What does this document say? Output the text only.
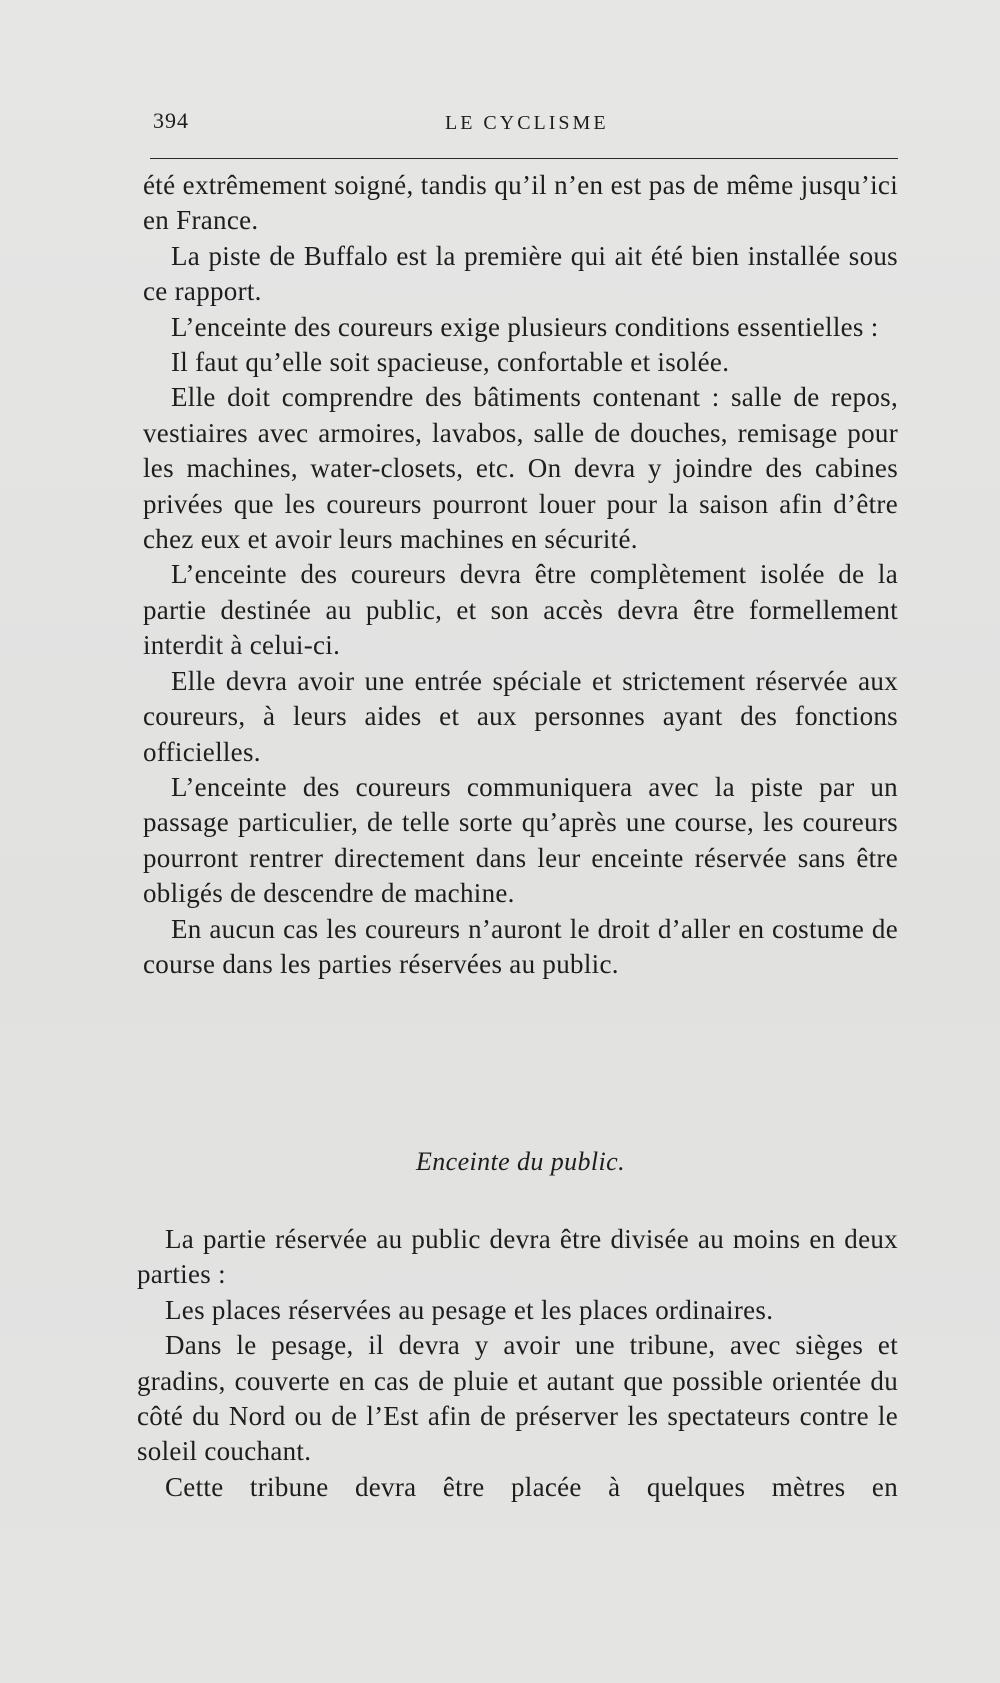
394	LE CYCLISME

été extrêmement soigné, tandis qu’il n’en est pas de même jusqu’ici en France.

La piste de Buffalo est la première qui ait été bien installée sous ce rapport.

L’enceinte des coureurs exige plusieurs conditions essentielles :

Il faut qu’elle soit spacieuse, confortable et isolée.

Elle doit comprendre des bâtiments contenant : salle de repos, vestiaires avec armoires, lavabos, salle de douches, remisage pour les machines, water-closets, etc. On devra y joindre des cabines privées que les coureurs pourront louer pour la saison afin d’être chez eux et avoir leurs machines en sécurité.

L’enceinte des coureurs devra être complètement isolée de la partie destinée au public, et son accès devra être formellement interdit à celui-ci.

Elle devra avoir une entrée spéciale et strictement réservée aux coureurs, à leurs aides et aux personnes ayant des fonctions officielles.

L’enceinte des coureurs communiquera avec la piste par un passage particulier, de telle sorte qu’après une course, les coureurs pourront rentrer directement dans leur enceinte réservée sans être obligés de descendre de machine.

En aucun cas les coureurs n’auront le droit d’aller en costume de course dans les parties réservées au public.

Enceinte du public.

La partie réservée au public devra être divisée au moins en deux parties :

Les places réservées au pesage et les places ordinaires.

Dans le pesage, il devra y avoir une tribune, avec sièges et gradins, couverte en cas de pluie et autant que possible orientée du côté du Nord ou de l’Est afin de préserver les spectateurs contre le soleil couchant.

Cette tribune devra être placée à quelques mètres en
